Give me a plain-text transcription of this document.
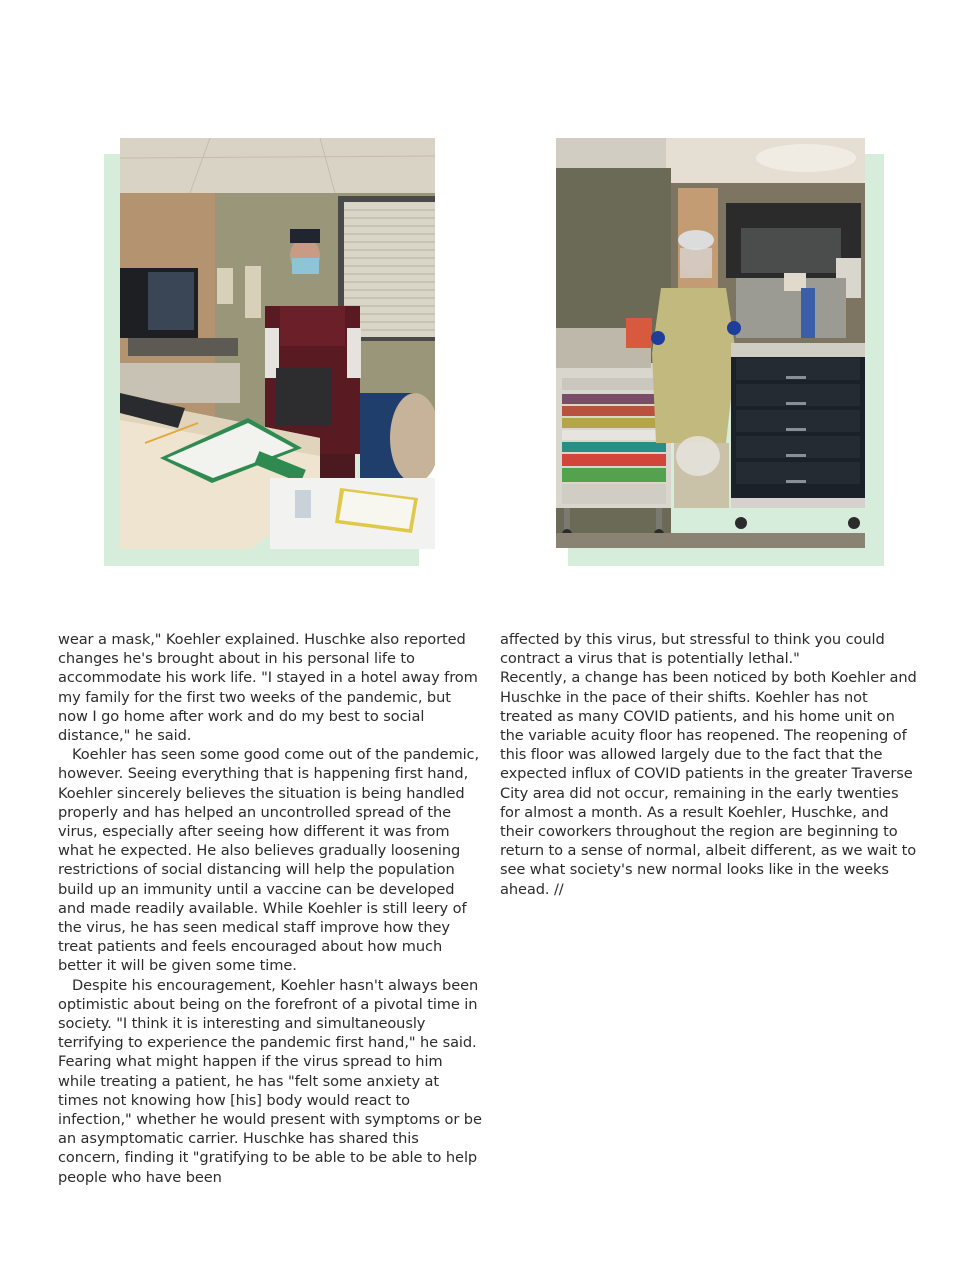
wear a mask," Koehler explained. Huschke also reported changes he's brought about in his personal life to accommodate his work life. "I stayed in a hotel away from my family for the first two weeks of the pandemic, but now I go home after work and do my best to social distance," he said.

Koehler has seen some good come out of the pandemic, however. Seeing everything that is happening first hand, Koehler sincerely believes the situation is being handled properly and has helped an uncontrolled spread of the virus, especially after seeing how different it was from what he expected. He also believes gradually loosening restrictions of social distancing will help the population build up an immunity until a vaccine can be developed and made readily available. While Koehler is still leery of the virus, he has seen medical staff improve how they treat patients and feels encouraged about how much better it will be given some time.

Despite his encouragement, Koehler hasn't always been optimistic about being on the forefront of a pivotal time in society. "I think it is interesting and simultaneously terrifying to experience the pandemic first hand," he said. Fearing what might happen if the virus spread to him while treating a patient, he has "felt some anxiety at times not knowing how [his] body would react to infection," whether he would present with symptoms or be an asymptomatic carrier. Huschke has shared this concern, finding it "gratifying to be able to be able to help people who have been

affected by this virus, but stressful to think you could contract a virus that is potentially lethal."

Recently, a change has been noticed by both Koehler and Huschke in the pace of their shifts. Koehler has not treated as many COVID patients, and his home unit on the variable acuity floor has reopened. The reopening of this floor was allowed largely due to the fact that the expected influx of COVID patients in the greater Traverse City area did not occur, remaining in the early twenties for almost a month. As a result Koehler, Huschke, and their coworkers throughout the region are beginning to return to a sense of normal, albeit different, as we wait to see what society's new normal looks like in the weeks ahead. //
